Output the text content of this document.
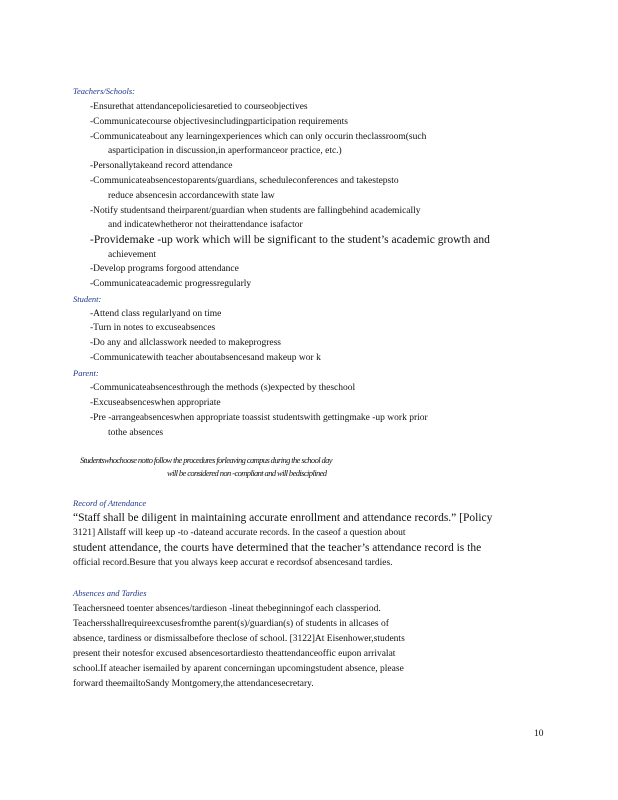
Teachers/Schools:
-Ensurethat attendancepoliciesaretied to courseobjectives
-Communicatecourse objectivesincludingparticipation requirements
-Communicateabout any learningexperiences which can only occurin theclassroom(such
asparticipation in discussion,in aperformanceor practice, etc.)
-Personallytakeand record attendance
-Communicateabsencestoparents/guardians, scheduleconferences and takestepsto
reduce absencesin accordancewith state law
-Notify studentsand theirparent/guardian when students are fallingbehind academically
and indicatewhetheror not theirattendance isafactor
-Providemake -up work which will be significant to the student’s academic growth and
achievement
-Develop programs forgood attendance
-Communicateacademic progressregularly
Student:
-Attend class regularlyand on time
-Turn in notes to excuseabsences
-Do any and allclasswork needed to makeprogress
-Communicatewith teacher aboutabsencesand makeup wor k
Parent:
-Communicateabsencesthrough the methods (s)expected by theschool
-Excuseabsenceswhen appropriate
-Pre -arrangeabsenceswhen appropriate toassist studentswith gettingmake -up work prior
tothe absences
Studentswhochoose notto follow the procedures forleaving campus during the school day
will be considered non -compliant and will bedisciplined
Record of Attendance
“Staff shall be diligent in maintaining accurate enrollment and attendance records.” [Policy
3121] Allstaff will keep up -to -dateand accurate records. In the caseof a question about
student attendance, the courts have determined that the teacher’s attendance record is the
official record.Besure that you always keep accurat e recordsof absencesand tardies.
Absences and Tardies
Teachersneed toenter absences/tardieson -lineat thebeginningof each classperiod.
Teachersshallrequireexcusesfromthe parent(s)/guardian(s) of students in allcases of
absence, tardiness or dismissalbefore theclose of school. [3122]At Eisenhower,students
present their notesfor excused absencesortardiesto theattendanceoffic eupon arrivalat
school.If ateacher isemailed by aparent concerningan upcomingstudent absence, please
forward theemailtoSandy Montgomery,the attendancesecretary.
10
